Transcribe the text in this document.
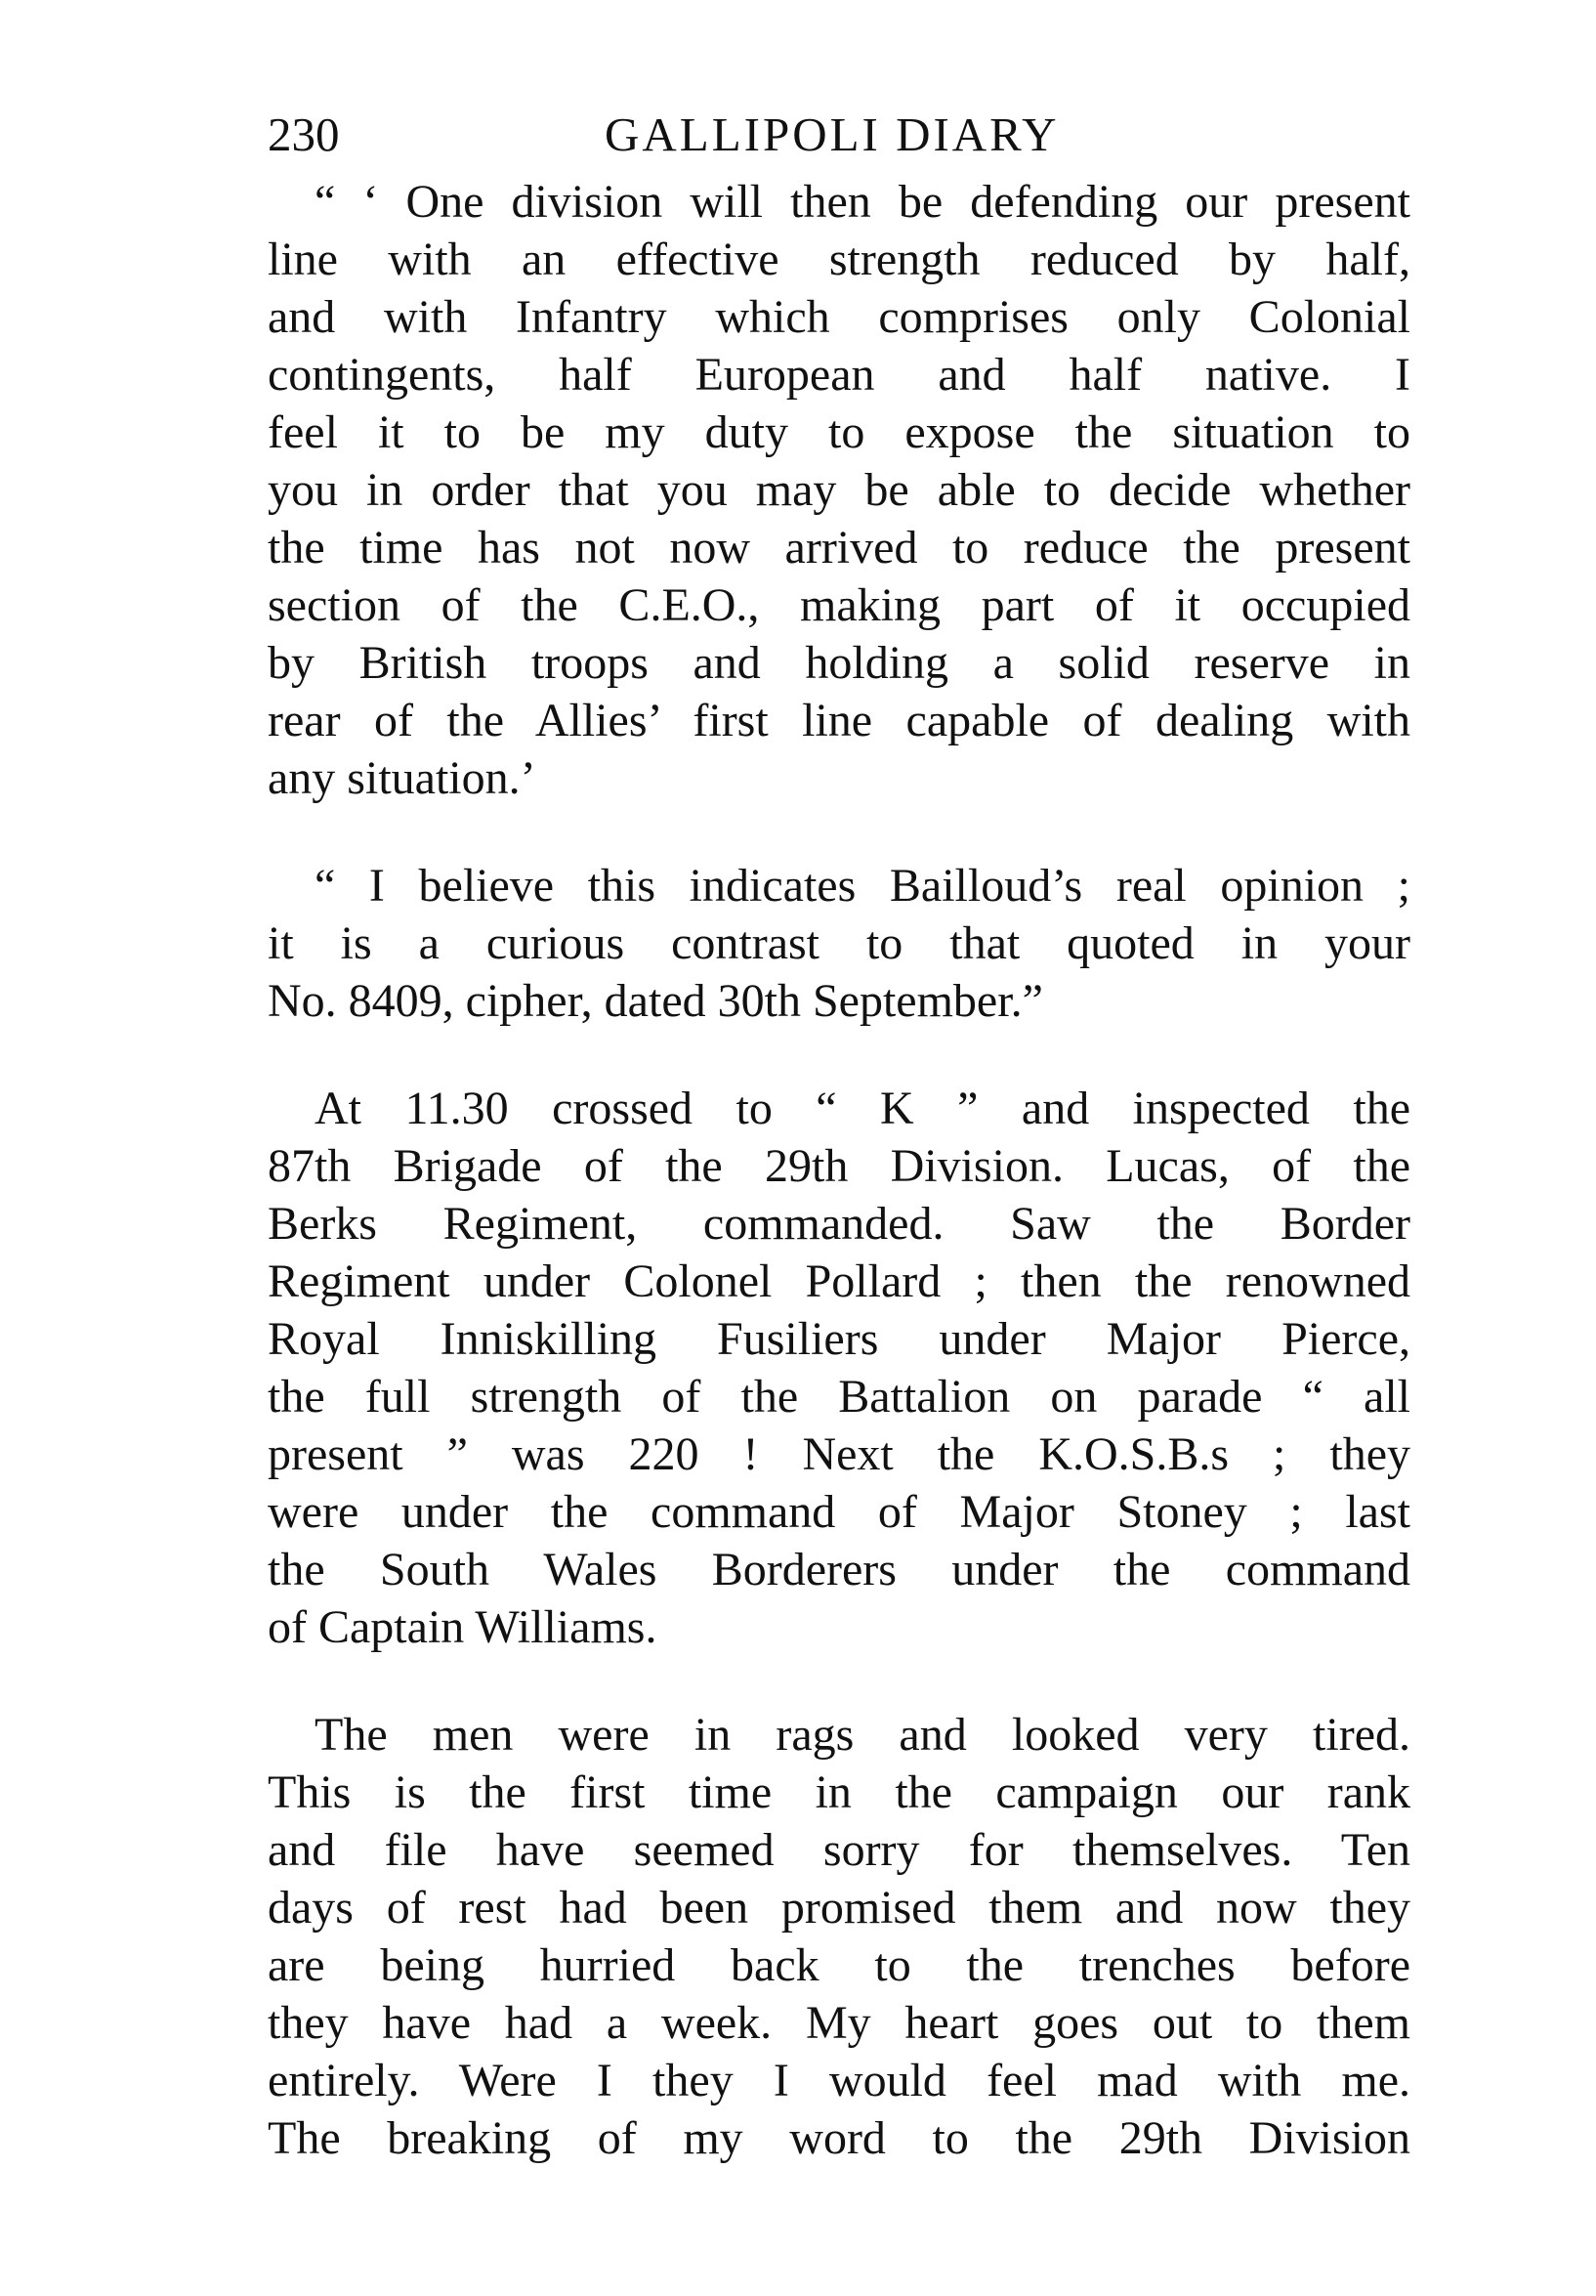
230	GALLIPOLI DIARY
“ ‘ One division will then be defending our present
line with an effective strength reduced by half,
and with Infantry which comprises only Colonial
contingents, half European and half native. I
feel it to be my duty to expose the situation to
you in order that you may be able to decide whether
the time has not now arrived to reduce the present
section of the C.E.O., making part of it occupied
by British troops and holding a solid reserve in
rear of the Allies’ first line capable of dealing with
any situation.’
“ I believe this indicates Bailloud’s real opinion ;
it is a curious contrast to that quoted in your
No. 8409, cipher, dated 30th September.”
At 11.30 crossed to “ K ” and inspected the
87th Brigade of the 29th Division. Lucas, of the
Berks Regiment, commanded. Saw the Border
Regiment under Colonel Pollard ; then the renowned
Royal Inniskilling Fusiliers under Major Pierce,
the full strength of the Battalion on parade “ all
present ” was 220 ! Next the K.O.S.B.s ; they
were under the command of Major Stoney ; last
the South Wales Borderers under the command
of Captain Williams.
The men were in rags and looked very tired.
This is the first time in the campaign our rank
and file have seemed sorry for themselves. Ten
days of rest had been promised them and now they
are being hurried back to the trenches before
they have had a week. My heart goes out to them
entirely. Were I they I would feel mad with me.
The breaking of my word to the 29th Division
